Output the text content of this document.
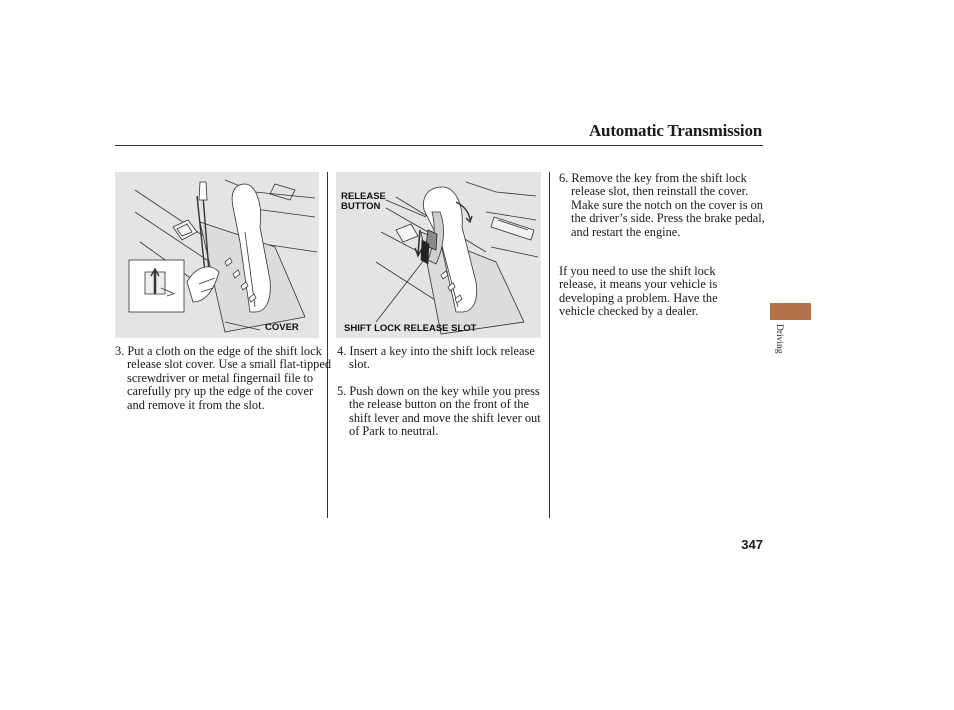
Automatic Transmission
COVER
RELEASE
BUTTON
SHIFT LOCK RELEASE SLOT

3. Put a cloth on the edge of the shift lock release slot cover. Use a small flat-tipped screwdriver or metal fingernail file to carefully pry up the edge of the cover and remove it from the slot.

4. Insert a key into the shift lock release slot.

5. Push down on the key while you press the release button on the front of the shift lever and move the shift lever out of Park to neutral.

6. Remove the key from the shift lock release slot, then reinstall the cover. Make sure the notch on the cover is on the driver’s side. Press the brake pedal, and restart the engine.

If you need to use the shift lock release, it means your vehicle is developing a problem. Have the vehicle checked by a dealer.

Driving
347
